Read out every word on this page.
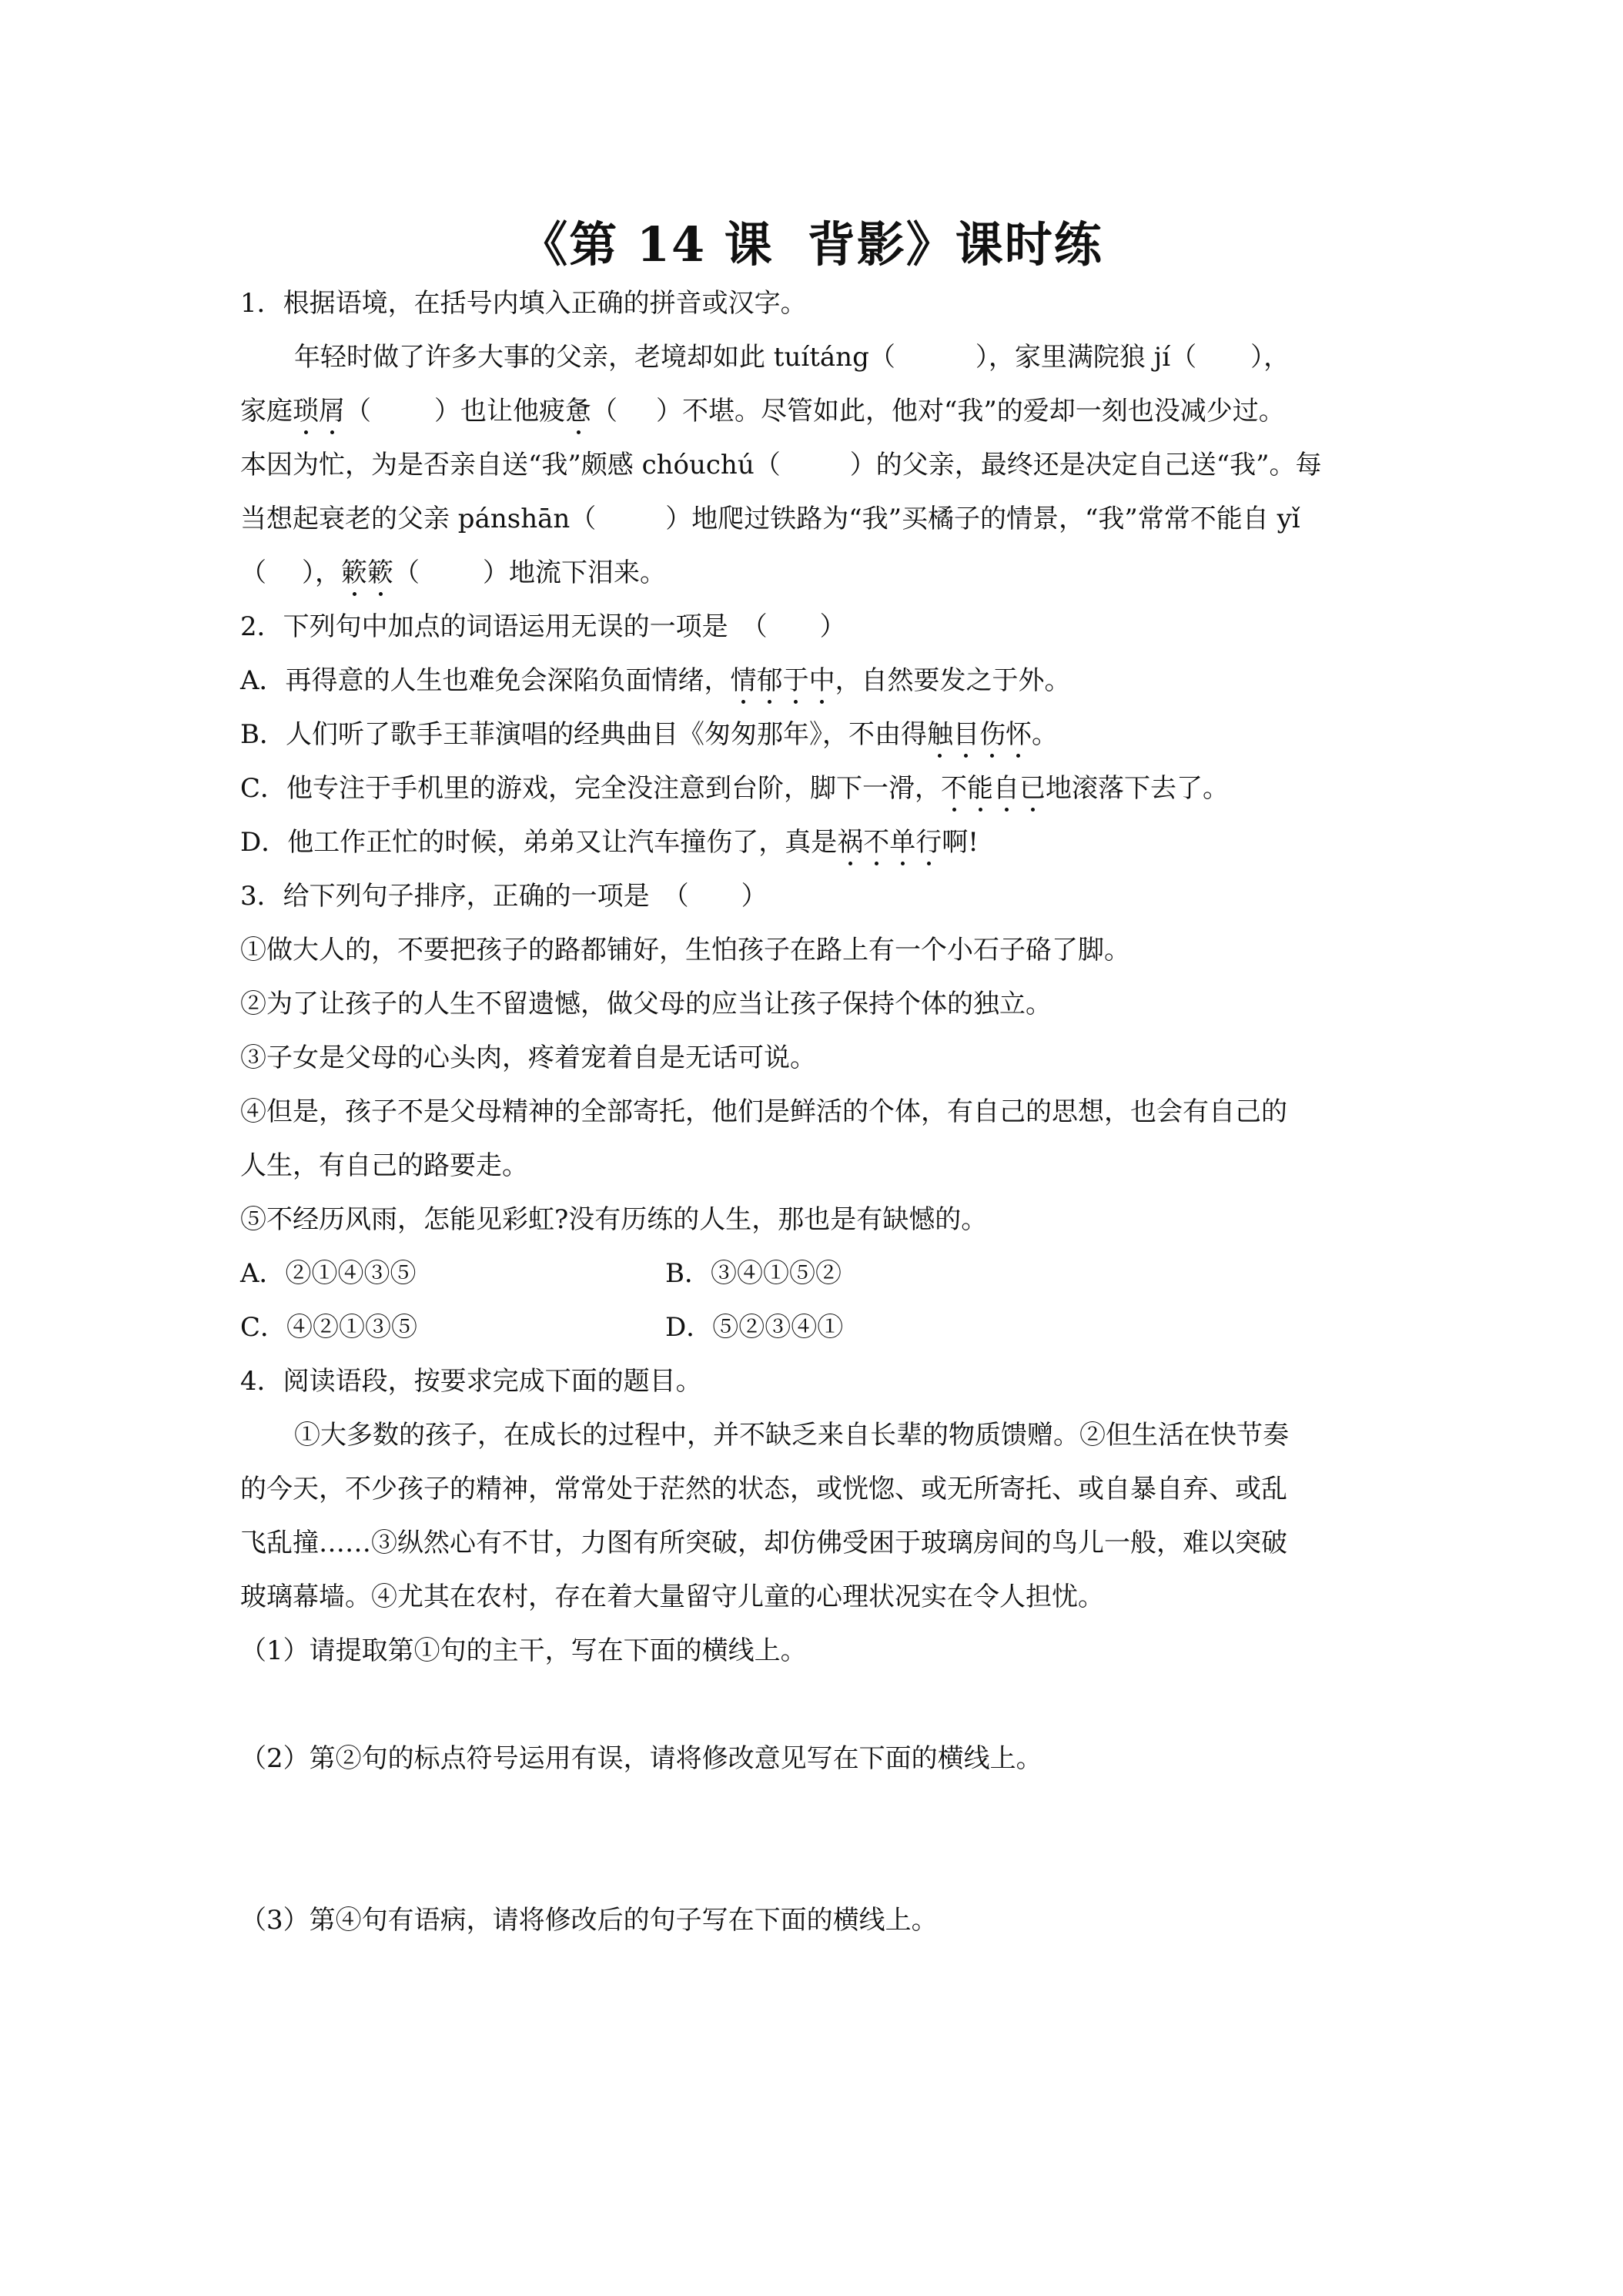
《第 14 课 背影》课时练
1．根据语境，在括号内填入正确的拼音或汉字。
年轻时做了许多大事的父亲，老境却如此 tuítáng（	），家里满院狼 jí（ ），
家庭琐屑（ ）也让他疲惫（ ）不堪。尽管如此，他对“我”的爱却一刻也没减少过。
本因为忙，为是否亲自送“我”颇感 chóuchú（	）的父亲，最终还是决定自己送“我”。每
当想起衰老的父亲 pánshān（	）地爬过铁路为“我”买橘子的情景，“我”常常不能自 yǐ
（ ），簌簌（ ）地流下泪来。
2．下列句中加点的词语运用无误的一项是　（　　）
A．再得意的人生也难免会深陷负面情绪，情郁于中，自然要发之于外。
B．人们听了歌手王菲演唱的经典曲目《匆匆那年》，不由得触目伤怀。
C．他专注于手机里的游戏，完全没注意到台阶，脚下一滑，不能自已地滚落下去了。
D．他工作正忙的时候，弟弟又让汽车撞伤了，真是祸不单行啊!
3．给下列句子排序，正确的一项是　（　　）
①做大人的，不要把孩子的路都铺好，生怕孩子在路上有一个小石子硌了脚。
②为了让孩子的人生不留遗憾，做父母的应当让孩子保持个体的独立。
③子女是父母的心头肉，疼着宠着自是无话可说。
④但是，孩子不是父母精神的全部寄托，他们是鲜活的个体，有自己的思想，也会有自己的
人生，有自己的路要走。
⑤不经历风雨，怎能见彩虹?没有历练的人生，那也是有缺憾的。
A．②①④③⑤	B．③④①⑤②
C．④②①③⑤	D．⑤②③④①
4．阅读语段，按要求完成下面的题目。
①大多数的孩子，在成长的过程中，并不缺乏来自长辈的物质馈赠。②但生活在快节奏
的今天，不少孩子的精神，常常处于茫然的状态，或恍惚、或无所寄托、或自暴自弃、或乱
飞乱撞……③纵然心有不甘，力图有所突破，却仿佛受困于玻璃房间的鸟儿一般，难以突破
玻璃幕墙。④尤其在农村，存在着大量留守儿童的心理状况实在令人担忧。
（1）请提取第①句的主干，写在下面的横线上。
（2）第②句的标点符号运用有误，请将修改意见写在下面的横线上。
（3）第④句有语病，请将修改后的句子写在下面的横线上。
